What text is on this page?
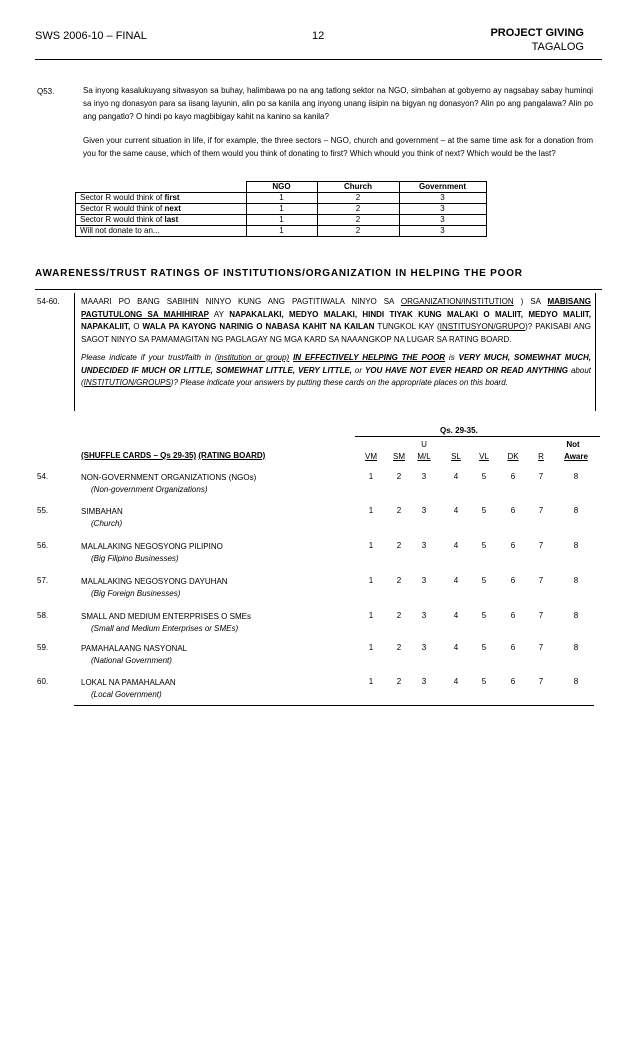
SWS 2006-10 – FINAL	12	PROJECT GIVING
TAGALOG
Q53.	Sa inyong kasalukuyang sitwasyon sa buhay, halimbawa po na ang tatlong sektor na NGO, simbahan at gobyerno ay nagsabay sabay huminqi sa inyo ng donasyon para sa iisang layunin, alin po sa kanila ang inyong unang iisipin na bigyan ng donasyon? Alin po ang pangalawa? Alin po ang pangatlo? O hindi po kayo magbibigay kahit na kanino sa kanila?
Given your current situation in life, if for example, the three sectors – NGO, church and government – at the same time ask for a donation from you for the same cause, which of them would you think of donating to first? Which whould you think of next? Which would be the last?
	NGO	Church	Government
Sector R would think of first	1	2	3
Sector R would think of next	1	2	3
Sector R would think of last	1	2	3
Will not donate to an...	1	2	3
AWARENESS/TRUST RATINGS OF INSTITUTIONS/ORGANIZATION IN HELPING THE POOR
54-60.	MAAARI PO BANG SABIHIN NINYO KUNG ANG PAGTITIWALA NINYO SA ORGANIZATION/INSTITUTION ) SA MABISANG PAGTUTULONG SA MAHIHIRAP AY NAPAKALAKI, MEDYO MALAKI, HINDI TIYAK KUNG MALAKI O MALIIT, MEDYO MALIIT, NAPAKALIIT, O WALA PA KAYONG NARINIG O NABASA KAHIT NA KAILAN TUNGKOL KAY (INSTITUSYON/GRUPO)? PAKISABI ANG SAGOT NINYO SA PAMAMAGITAN NG PAGLAGAY NG MGA KARD SA NAAANGKOP NA LUGAR SA RATING BOARD.

Please indicate if your trust/faith in (institution or group) IN EFFECTIVELY HELPING THE POOR is VERY MUCH, SOMEWHAT MUCH, UNDECIDED IF MUCH OR LITTLE, SOMEWHAT LITTLE, VERY LITTLE, or YOU HAVE NOT EVER HEARD OR READ ANYTHING about (INSTITUTION/GROUPS)? Please indicate your answers by putting these cards on the appropriate places on this board.

Qs. 29-35.
(SHUFFLE CARDS – Qs 29-35) (RATING BOARD)
U	Not
VM	SM	M/L	SL	VL	DK	R	Aware
54.	NON-GOVERNMENT ORGANIZATIONS (NGOs)
(Non-government Organizations)
1	2	3	4	5	6	7	8
55.	SIMBAHAN
(Church)
1	2	3	4	5	6	7	8
56.	MALALAKING NEGOSYONG PILIPINO
(Big Filipino Businesses)
1	2	3	4	5	6	7	8
57.	MALALAKING NEGOSYONG DAYUHAN
(Big Foreign Businesses)
1	2	3	4	5	6	7	8
58.	SMALL AND MEDIUM ENTERPRISES O SMEs
(Small and Medium Enterprises or SMEs)
1	2	3	4	5	6	7	8
59.	PAMAHALAANG NASYONAL
(National Government)
1	2	3	4	5	6	7	8
60.	LOKAL NA PAMAHALAAN
(Local Government)
1	2	3	4	5	6	7	8
